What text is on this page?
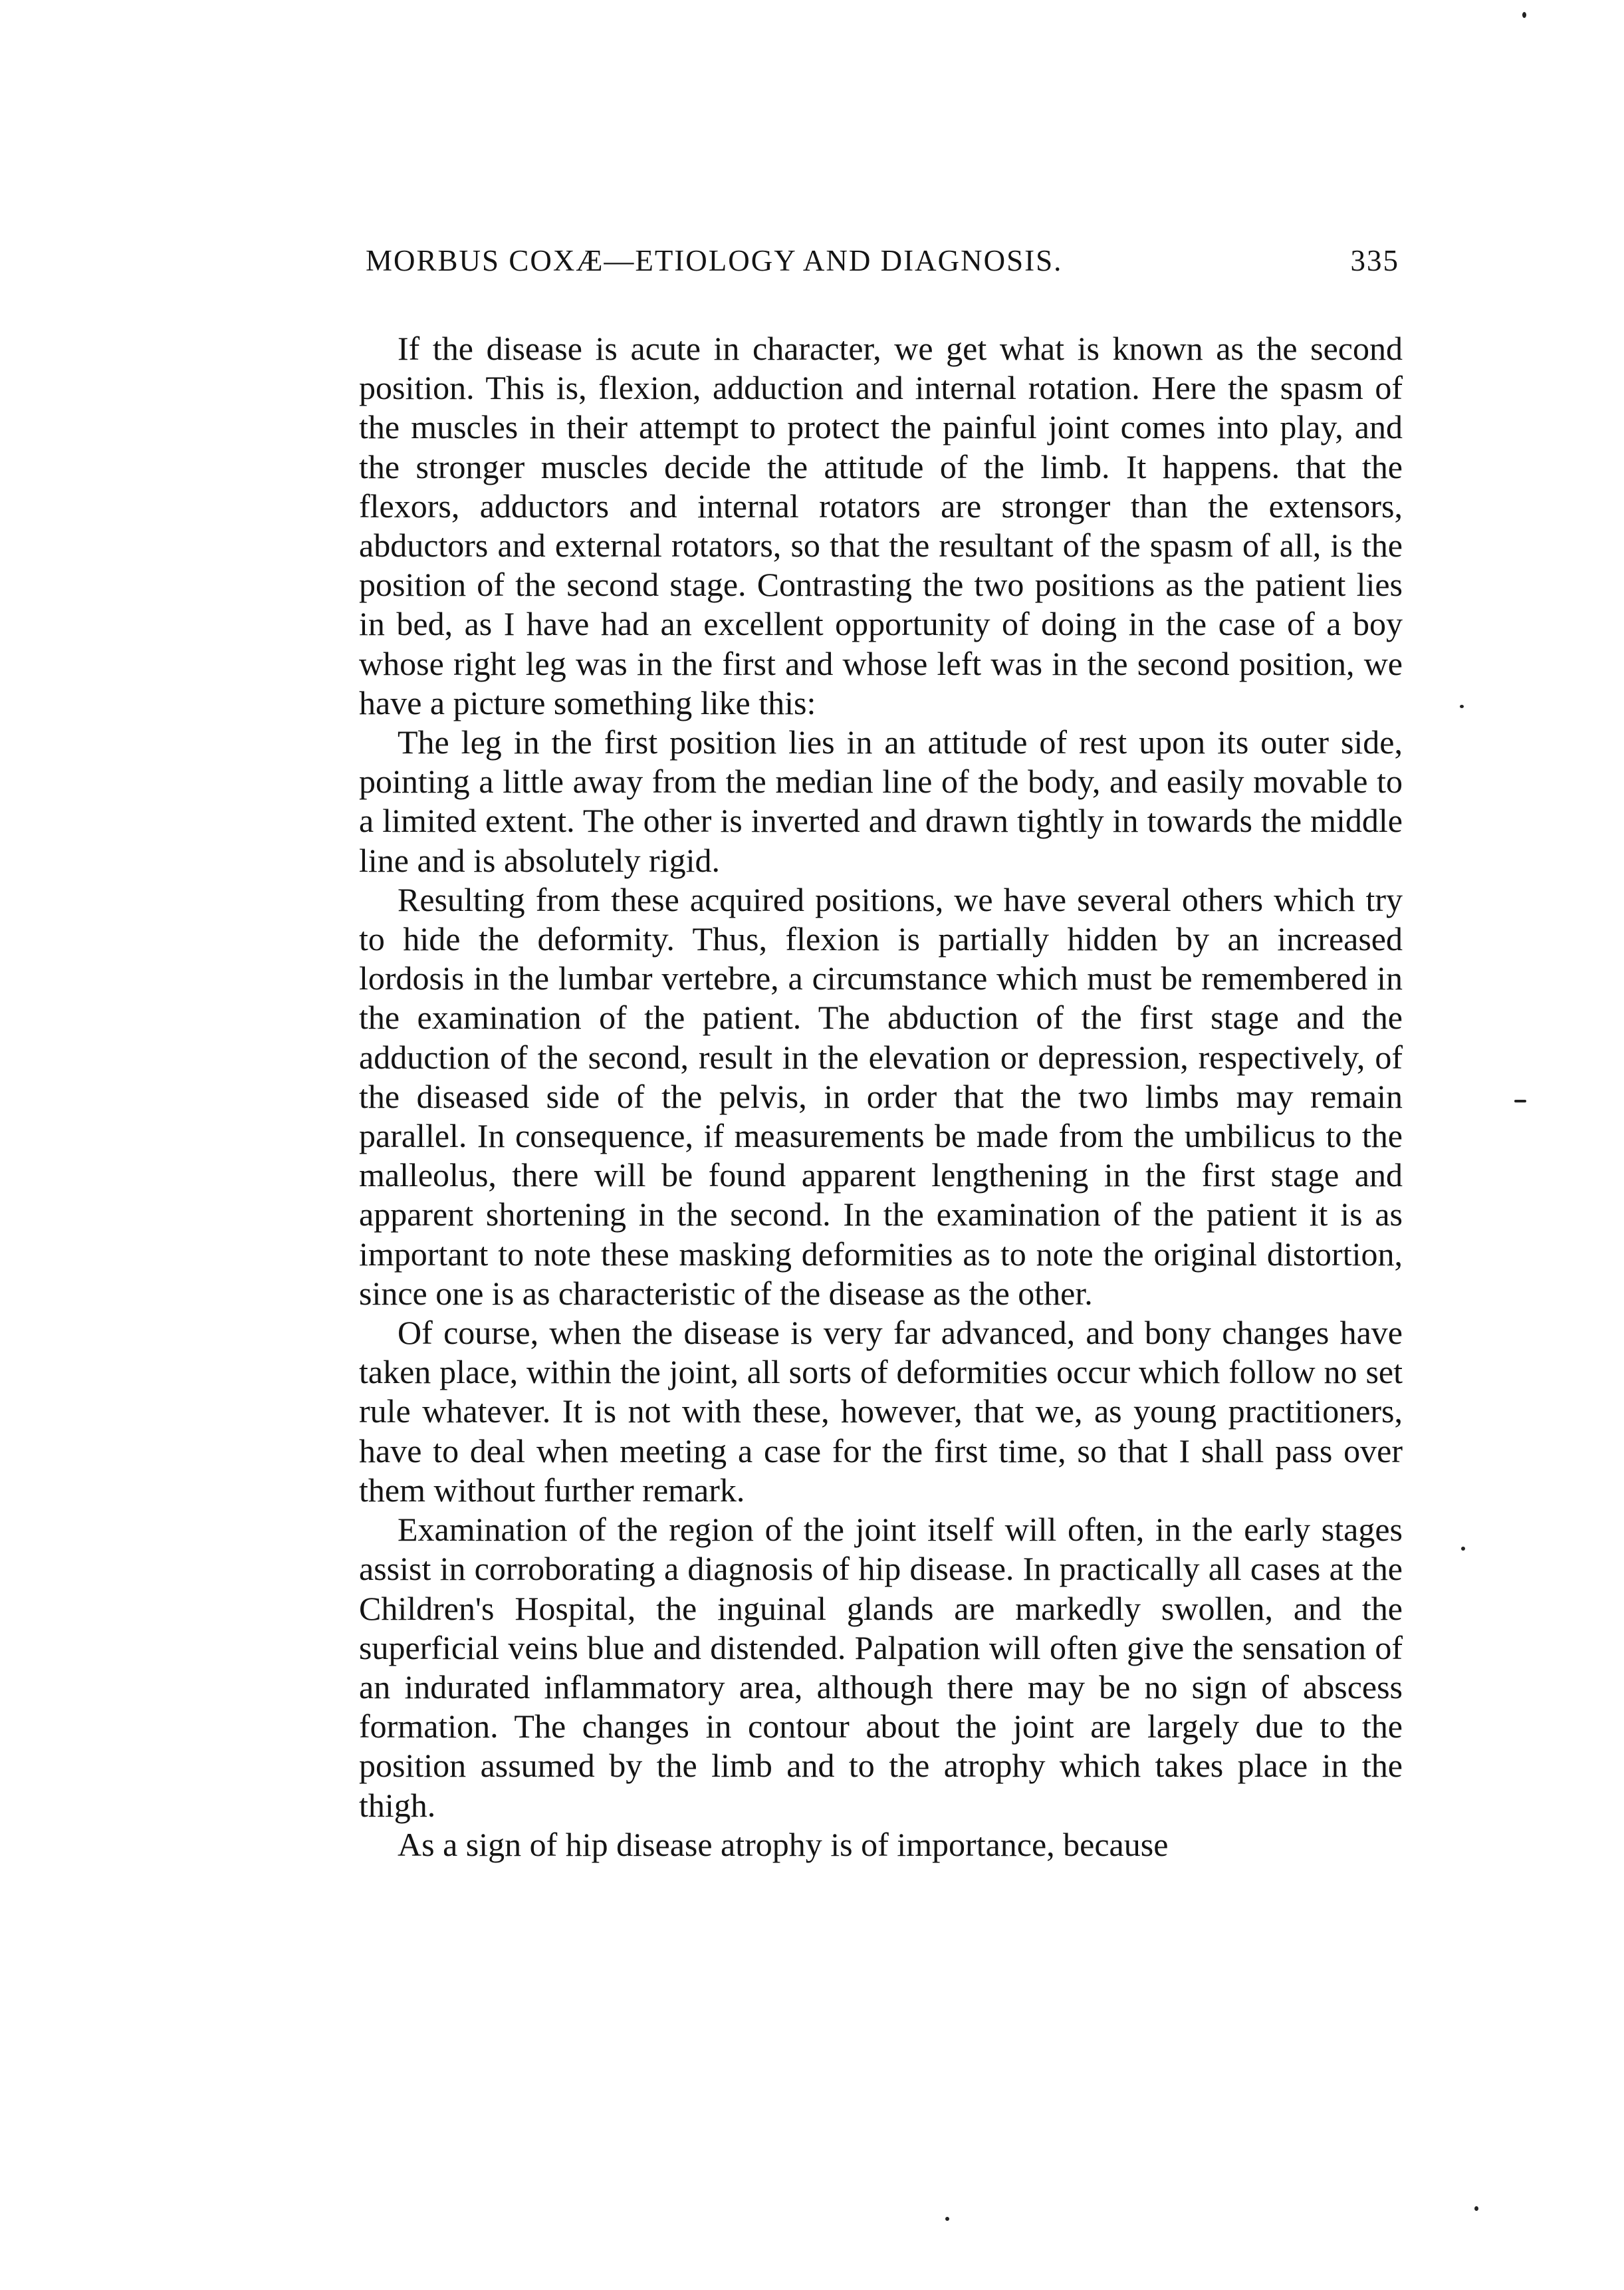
MORBUS COXÆ—ETIOLOGY AND DIAGNOSIS.	335

If the disease is acute in character, we get what is known as the second position. This is, flexion, adduction and internal rotation. Here the spasm of the muscles in their attempt to protect the painful joint comes into play, and the stronger muscles decide the attitude of the limb. It happens. that the flexors, adductors and internal rotators are stronger than the extensors, abductors and external rotators, so that the resultant of the spasm of all, is the position of the second stage. Contrasting the two positions as the patient lies in bed, as I have had an excellent opportunity of doing in the case of a boy whose right leg was in the first and whose left was in the second position, we have a picture something like this:

The leg in the first position lies in an attitude of rest upon its outer side, pointing a little away from the median line of the body, and easily movable to a limited extent. The other is inverted and drawn tightly in towards the middle line and is absolutely rigid.

Resulting from these acquired positions, we have several others which try to hide the deformity. Thus, flexion is partially hidden by an increased lordosis in the lumbar vertebre, a circumstance which must be remembered in the examination of the patient. The abduction of the first stage and the adduction of the second, result in the elevation or depression, respectively, of the diseased side of the pelvis, in order that the two limbs may remain parallel. In consequence, if measurements be made from the umbilicus to the malleolus, there will be found apparent lengthening in the first stage and apparent shortening in the second. In the examination of the patient it is as important to note these masking deformities as to note the original distortion, since one is as characteristic of the disease as the other.

Of course, when the disease is very far advanced, and bony changes have taken place, within the joint, all sorts of deformities occur which follow no set rule whatever. It is not with these, however, that we, as young practitioners, have to deal when meeting a case for the first time, so that I shall pass over them without further remark.

Examination of the region of the joint itself will often, in the early stages assist in corroborating a diagnosis of hip disease. In practically all cases at the Children's Hospital, the inguinal glands are markedly swollen, and the superficial veins blue and distended. Palpation will often give the sensation of an indurated inflammatory area, although there may be no sign of abscess formation. The changes in contour about the joint are largely due to the position assumed by the limb and to the atrophy which takes place in the thigh.

As a sign of hip disease atrophy is of importance, because
